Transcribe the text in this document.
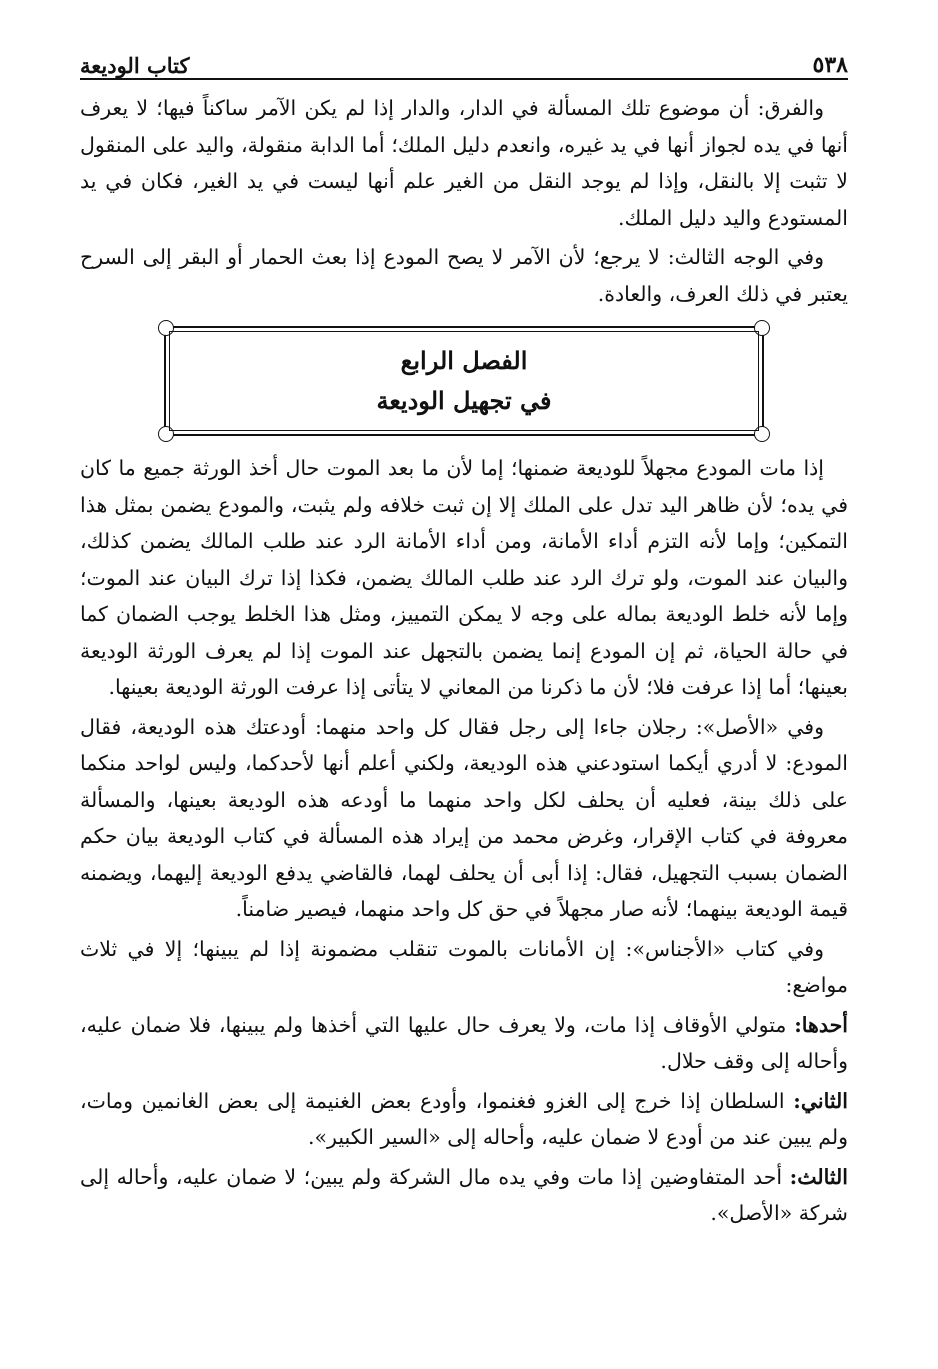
٥٣٨
كتاب الوديعة

والفرق: أن موضوع تلك المسألة في الدار، والدار إذا لم يكن الآمر ساكناً فيها؛ لا يعرف أنها في يده لجواز أنها في يد غيره، وانعدم دليل الملك؛ أما الدابة منقولة، واليد على المنقول لا تثبت إلا بالنقل، وإذا لم يوجد النقل من الغير علم أنها ليست في يد الغير، فكان في يد المستودع واليد دليل الملك.

وفي الوجه الثالث: لا يرجع؛ لأن الآمر لا يصح المودع إذا بعث الحمار أو البقر إلى السرح يعتبر في ذلك العرف، والعادة.

الفصل الرابع
في تجهيل الوديعة

إذا مات المودع مجهلاً للوديعة ضمنها؛ إما لأن ما بعد الموت حال أخذ الورثة جميع ما كان في يده؛ لأن ظاهر اليد تدل على الملك إلا إن ثبت خلافه ولم يثبت، والمودع يضمن بمثل هذا التمكين؛ وإما لأنه التزم أداء الأمانة، ومن أداء الأمانة الرد عند طلب المالك يضمن كذلك، والبيان عند الموت، ولو ترك الرد عند طلب المالك يضمن، فكذا إذا ترك البيان عند الموت؛ وإما لأنه خلط الوديعة بماله على وجه لا يمكن التمييز، ومثل هذا الخلط يوجب الضمان كما في حالة الحياة، ثم إن المودع إنما يضمن بالتجهل عند الموت إذا لم يعرف الورثة الوديعة بعينها؛ أما إذا عرفت فلا؛ لأن ما ذكرنا من المعاني لا يتأتى إذا عرفت الورثة الوديعة بعينها.

وفي «الأصل»: رجلان جاءا إلى رجل فقال كل واحد منهما: أودعتك هذه الوديعة، فقال المودع: لا أدري أيكما استودعني هذه الوديعة، ولكني أعلم أنها لأحدكما، وليس لواحد منكما على ذلك بينة، فعليه أن يحلف لكل واحد منهما ما أودعه هذه الوديعة بعينها، والمسألة معروفة في كتاب الإقرار، وغرض محمد من إيراد هذه المسألة في كتاب الوديعة بيان حكم الضمان بسبب التجهيل، فقال: إذا أبى أن يحلف لهما، فالقاضي يدفع الوديعة إليهما، ويضمنه قيمة الوديعة بينهما؛ لأنه صار مجهلاً في حق كل واحد منهما، فيصير ضامناً.

وفي كتاب «الأجناس»: إن الأمانات بالموت تنقلب مضمونة إذا لم يبينها؛ إلا في ثلاث مواضع:

أحدها: متولي الأوقاف إذا مات، ولا يعرف حال عليها التي أخذها ولم يبينها، فلا ضمان عليه، وأحاله إلى وقف حلال.

الثاني: السلطان إذا خرج إلى الغزو فغنموا، وأودع بعض الغنيمة إلى بعض الغانمين ومات، ولم يبين عند من أودع لا ضمان عليه، وأحاله إلى «السير الكبير».

الثالث: أحد المتفاوضين إذا مات وفي يده مال الشركة ولم يبين؛ لا ضمان عليه، وأحاله إلى شركة «الأصل».
